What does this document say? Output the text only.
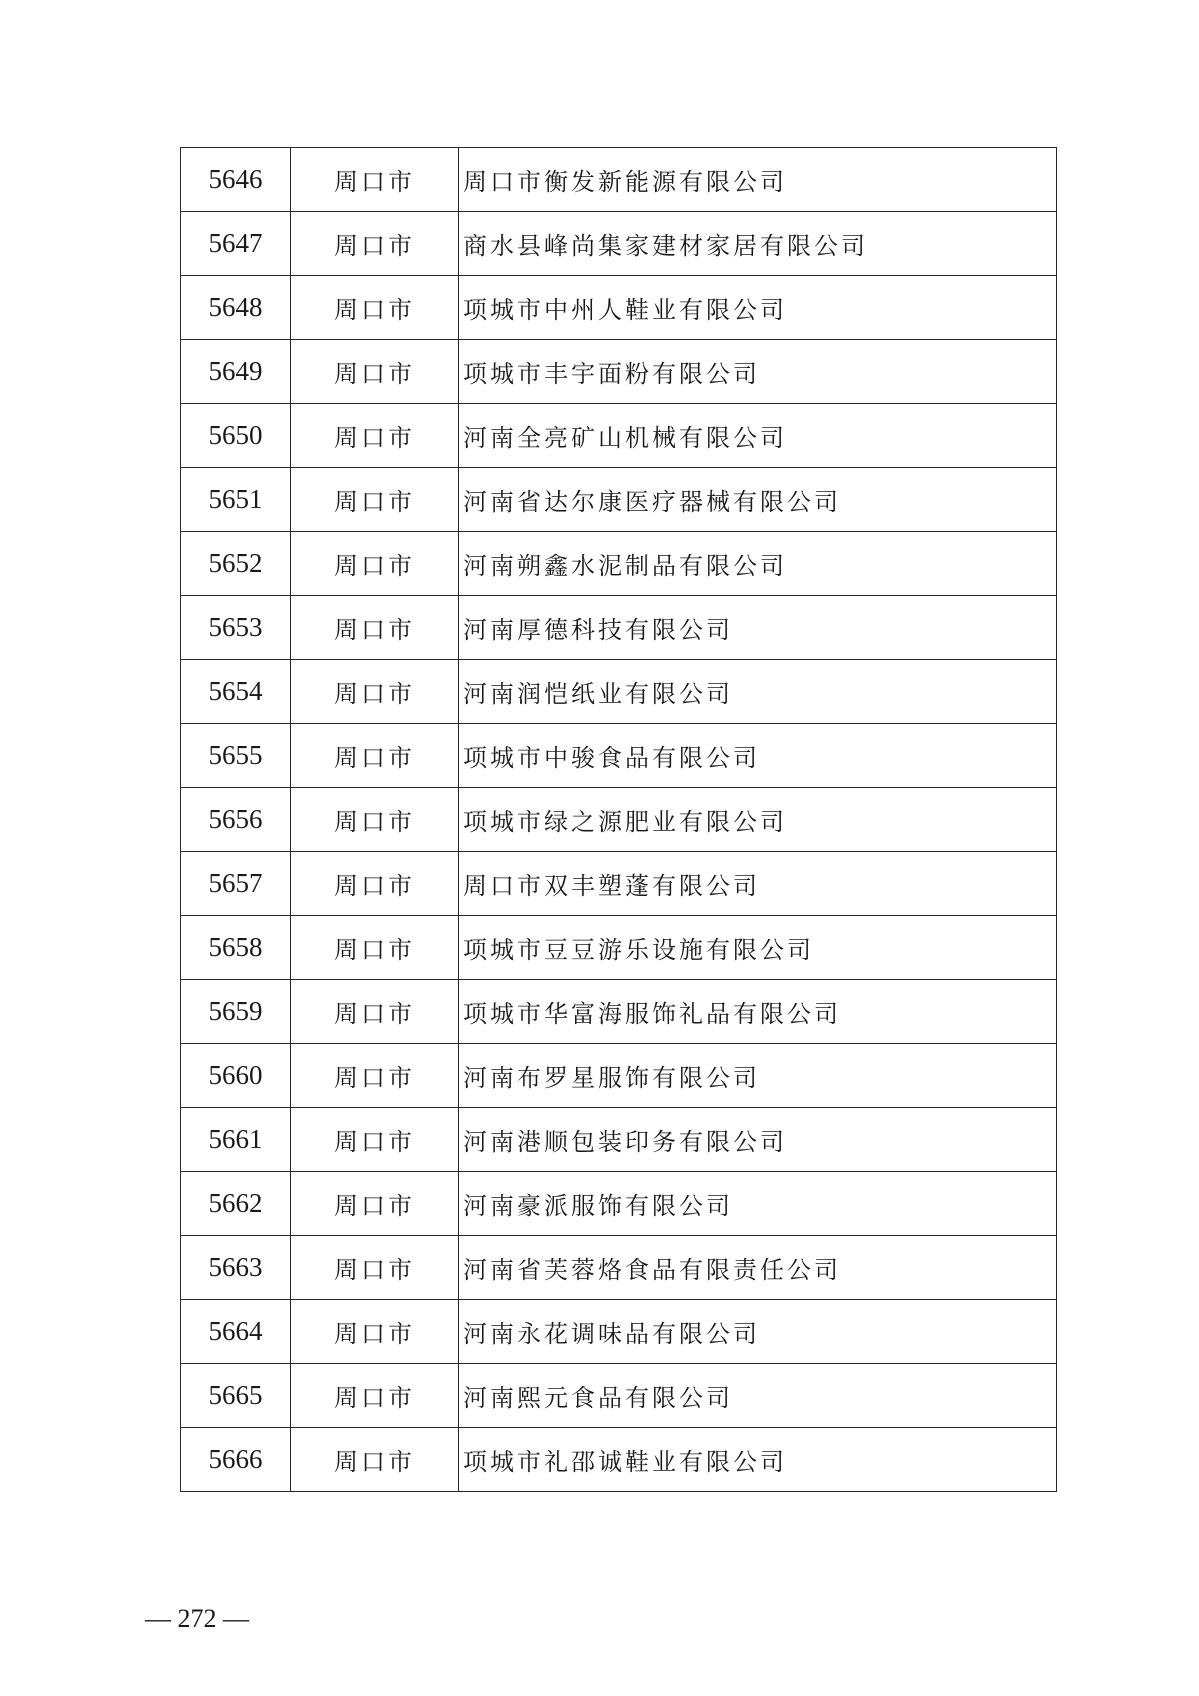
5646	周口市	周口市衡发新能源有限公司
5647	周口市	商水县峰尚集家建材家居有限公司
5648	周口市	项城市中州人鞋业有限公司
5649	周口市	项城市丰宇面粉有限公司
5650	周口市	河南全亮矿山机械有限公司
5651	周口市	河南省达尔康医疗器械有限公司
5652	周口市	河南朔鑫水泥制品有限公司
5653	周口市	河南厚德科技有限公司
5654	周口市	河南润恺纸业有限公司
5655	周口市	项城市中骏食品有限公司
5656	周口市	项城市绿之源肥业有限公司
5657	周口市	周口市双丰塑蓬有限公司
5658	周口市	项城市豆豆游乐设施有限公司
5659	周口市	项城市华富海服饰礼品有限公司
5660	周口市	河南布罗星服饰有限公司
5661	周口市	河南港顺包装印务有限公司
5662	周口市	河南豪派服饰有限公司
5663	周口市	河南省芙蓉烙食品有限责任公司
5664	周口市	河南永花调味品有限公司
5665	周口市	河南熙元食品有限公司
5666	周口市	项城市礼邵诚鞋业有限公司
— 272 —
